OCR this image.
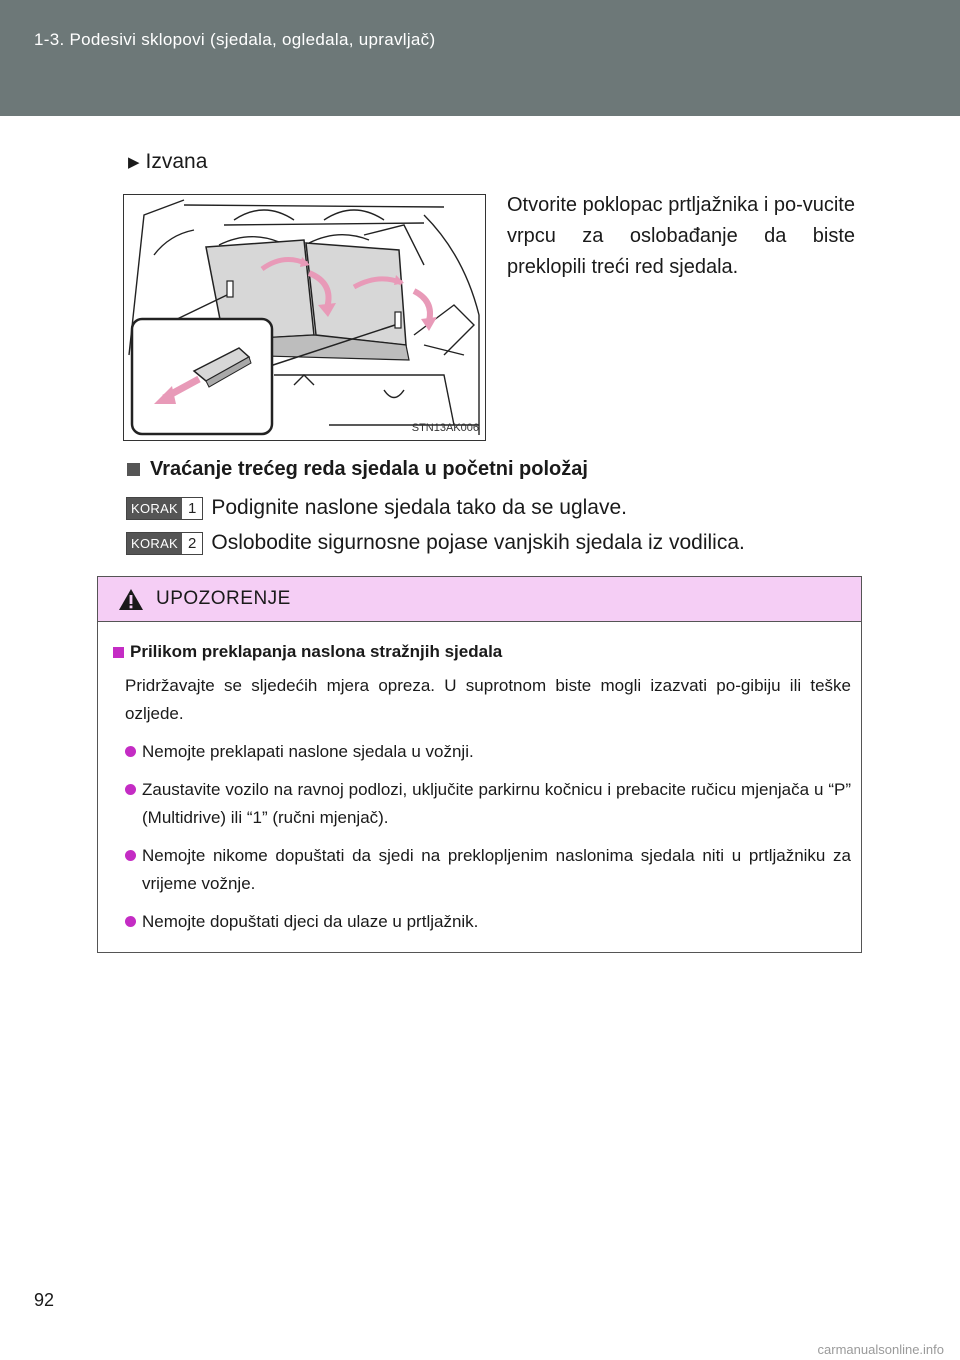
1-3. Podesivi sklopovi (sjedala, ogledala, upravljač)
▶ Izvana
STN13AK006
Otvorite poklopac prtljažnika i po-vucite vrpcu za oslobađanje da biste preklopili treći red sjedala.
Vraćanje trećeg reda sjedala u početni položaj
KORAK 1 Podignite naslone sjedala tako da se uglave.
KORAK 2 Oslobodite sigurnosne pojase vanjskih sjedala iz vodilica.
UPOZORENJE
Prilikom preklapanja naslona stražnjih sjedala
Pridržavajte se sljedećih mjera opreza. U suprotnom biste mogli izazvati po-gibiju ili teške ozljede.
Nemojte preklapati naslone sjedala u vožnji.
Zaustavite vozilo na ravnoj podlozi, uključite parkirnu kočnicu i prebacite ručicu mjenjača u “P” (Multidrive) ili “1” (ručni mjenjač).
Nemojte nikome dopuštati da sjedi na preklopljenim naslonima sjedala niti u prtljažniku za vrijeme vožnje.
Nemojte dopuštati djeci da ulaze u prtljažnik.
92
carmanualsonline.info
